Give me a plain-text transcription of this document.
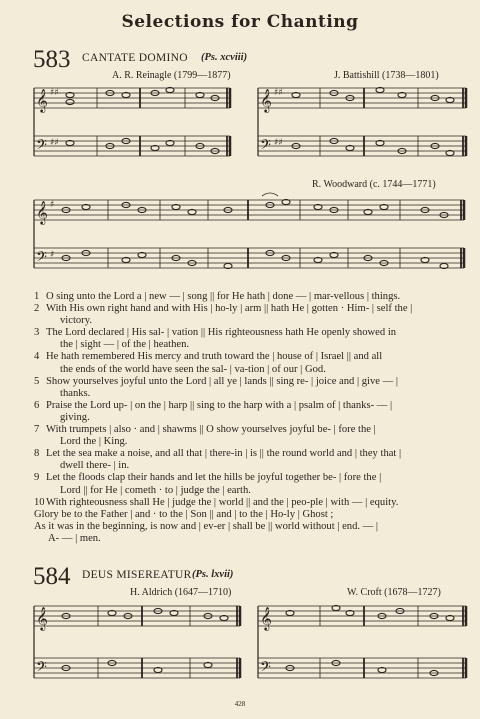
Selections for Chanting
583 CANTATE DOMINO (Ps. xcviii)
A. R. Reinagle (1799—1877)	J. Battishill (1738—1801)
𝄞
𝄢
♯♯
♯♯
𝄞
𝄢
♯♯
♯♯
R. Woodward (c. 1744—1771)
𝄞
𝄢
♯
♯
1 O sing unto the Lord a | new — | song || for He hath | done — | mar-vellous | things.
2 With His own right hand and with His | ho-ly | arm || hath He | gotten · Him- | self the |
victory.
3 The Lord declared | His sal- | vation || His righteousness hath He openly showed in
the | sight — | of the | heathen.
4 He hath remembered His mercy and truth toward the | house of | Israel || and all
the ends of the world have seen the sal- | va-tion | of our | God.
5 Show yourselves joyful unto the Lord | all ye | lands || sing re- | joice and | give — |
thanks.
6 Praise the Lord up- | on the | harp || sing to the harp with a | psalm of | thanks- — |
giving.
7 With trumpets | also · and | shawms || O show yourselves joyful be- | fore the |
Lord the | King.
8 Let the sea make a noise, and all that | there-in | is || the round world and | they that |
dwell there- | in.
9 Let the floods clap their hands and let the hills be joyful together be- | fore the |
Lord || for He | cometh · to | judge the | earth.
10 With righteousness shall He | judge the | world || and the | peo-ple | with — | equity.
Glory be to the Father | and · to the | Son || and | to the | Ho-ly | Ghost ;
As it was in the beginning, is now and | ev-er | shall be || world without | end. — |
A- — | men.
584 DEUS MISEREATUR (Ps. lxvii)
H. Aldrich (1647—1710)	W. Croft (1678—1727)
𝄞
𝄢
𝄞
𝄢
428
